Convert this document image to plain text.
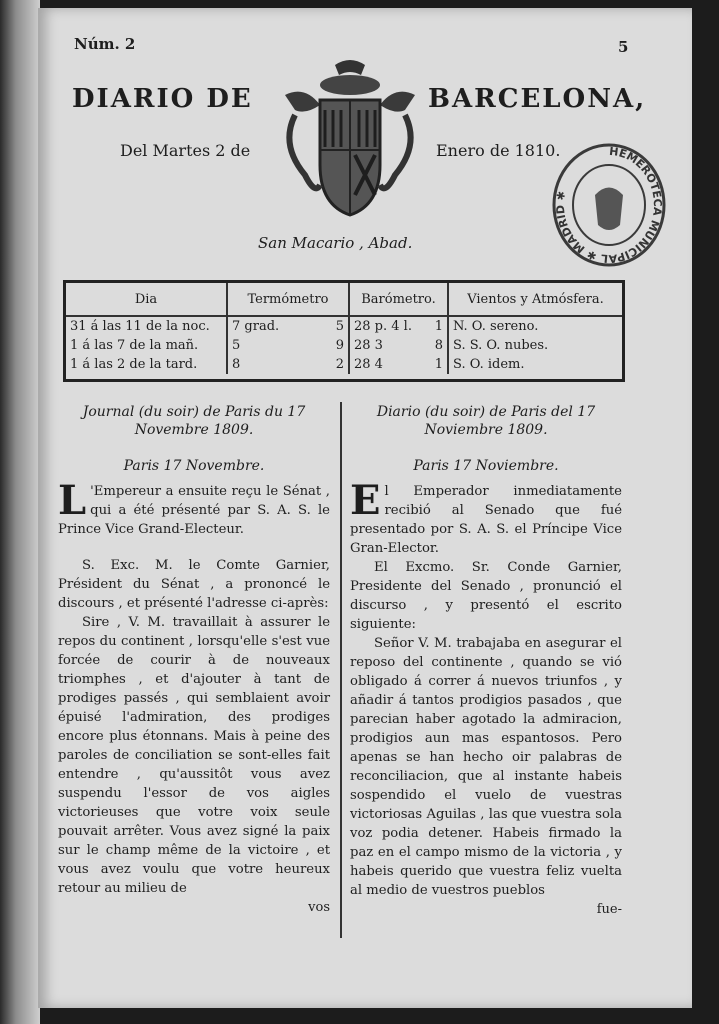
Núm. 2	5
DIARIO DE	BARCELONA,
Del Martes 2 de	Enero de 1810.	HEMEROTECA MUNICIPAL ✱ MADRID ✱
San Macario , Abad.
Dia	Termómetro	Barómetro.	Vientos y Atmósfera.
31 á las 11 de la noc.	7 grad. 5	28 p. 4 l. 1	N. O. sereno.
1 á las 7 de la mañ.	5 9	28 3 8	S. S. O. nubes.
1 á las 2 de la tard.	8 2	28 4 1	S. O. idem.
Journal (du soir) de Paris du 17 Novembre 1809.
Paris 17 Novembre.

L 'Empereur a ensuite reçu le Sénat , qui a été présenté par S. A. S. le Prince Vice Grand-Electeur.

S. Exc. M. le Comte Garnier, Président du Sénat , a prononcé le discours , et présenté l'adresse ci-après:

Sire , V. M. travaillait à assurer le repos du continent , lorsqu'elle s'est vue forcée de courir à de nouveaux triomphes , et d'ajouter à tant de prodiges passés , qui semblaient avoir épuisé l'admiration, des prodiges encore plus étonnans. Mais à peine des paroles de conciliation se sont-elles fait entendre , qu'aussitôt vous avez suspendu l'essor de vos aigles victorieuses que votre voix seule pouvait arrêter. Vous avez signé la paix sur le champ même de la victoire , et vous avez voulu que votre heureux retour au milieu de

vos
Diario (du soir) de Paris del 17 Noviembre 1809.
Paris 17 Noviembre.

El Emperador inmediatamente recibió al Senado que fué presentado por S. A. S. el Príncipe Vice Gran-Elector.

El Excmo. Sr. Conde Garnier, Presidente del Senado , pronunció el discurso , y presentó el escrito siguiente:

Señor V. M. trabajaba en asegurar el reposo del continente , quando se vió obligado á correr á nuevos triunfos , y añadir á tantos prodigios pasados , que parecian haber agotado la admiracion, prodigios aun mas espantosos. Pero apenas se han hecho oir palabras de reconciliacion, que al instante habeis sospendido el vuelo de vuestras victoriosas Aguilas , las que vuestra sola voz podia detener. Habeis firmado la paz en el campo mismo de la victoria , y habeis querido que vuestra feliz vuelta al medio de vuestros pueblos

fue-
